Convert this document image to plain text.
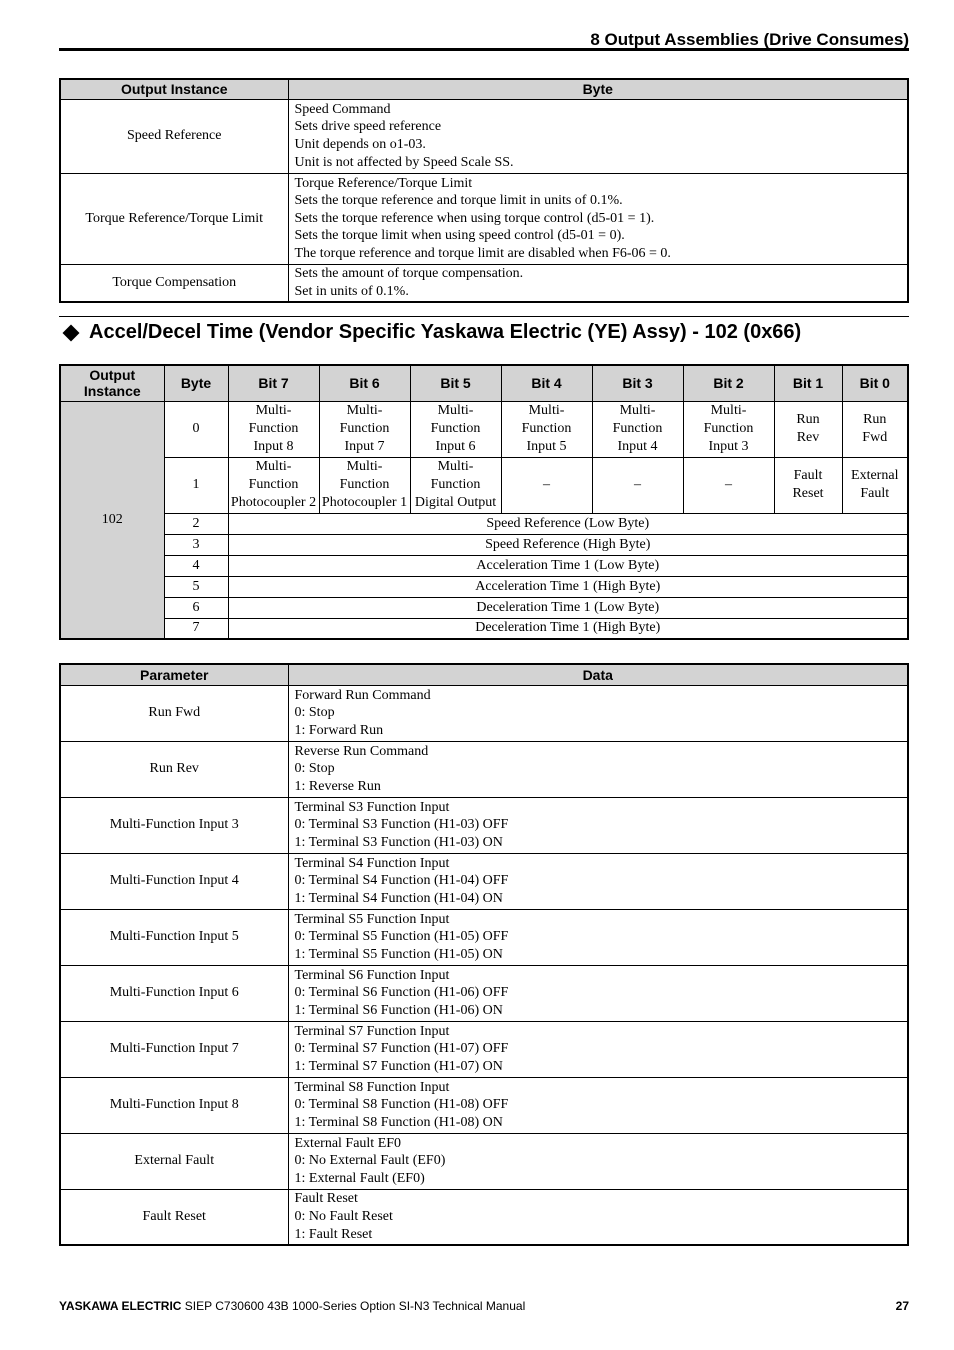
8 Output Assemblies (Drive Consumes)
Output Instance	Byte
Speed Reference	Speed Command
Sets drive speed reference
Unit depends on o1-03.
Unit is not affected by Speed Scale SS.

Torque Reference/Torque Limit	Torque Reference/Torque Limit
Sets the torque reference and torque limit in units of 0.1%.
Sets the torque reference when using torque control (d5-01 = 1).
Sets the torque limit when using speed control (d5-01 = 0).
The torque reference and torque limit are disabled when F6-06 = 0.

Torque Compensation	Sets the amount of torque compensation.
Set in units of 0.1%.
Accel/Decel Time (Vendor Specific Yaskawa Electric (YE) Assy) - 102 (0x66)
Output Instance	Byte	Bit 7	Bit 6	Bit 5	Bit 4	Bit 3	Bit 2	Bit 1	Bit 0
102	0	Multi-
Function
Input 8	Multi-
Function
Input 7	Multi-
Function
Input 6	Multi-
Function
Input 5	Multi-
Function
Input 4	Multi-
Function
Input 3	Run
Rev	Run
Fwd

	1	Multi-
Function
Photocoupler 2	Multi-
Function
Photocoupler 1	Multi-
Function
Digital Output	–	–	–	Fault
Reset	External
Fault

	2	Speed Reference (Low Byte)							
	3	Speed Reference (High Byte)							
	4	Acceleration Time 1 (Low Byte)							
	5	Acceleration Time 1 (High Byte)							
	6	Deceleration Time 1 (Low Byte)							
	7	Deceleration Time 1 (High Byte)							
Parameter	Data
Run Fwd	Forward Run Command
0: Stop
1: Forward Run

Run Rev	Reverse Run Command
0: Stop
1: Reverse Run

Multi-Function Input 3	Terminal S3 Function Input
0: Terminal S3 Function (H1-03) OFF
1: Terminal S3 Function (H1-03) ON

Multi-Function Input 4	Terminal S4 Function Input
0: Terminal S4 Function (H1-04) OFF
1: Terminal S4 Function (H1-04) ON

Multi-Function Input 5	Terminal S5 Function Input
0: Terminal S5 Function (H1-05) OFF
1: Terminal S5 Function (H1-05) ON

Multi-Function Input 6	Terminal S6 Function Input
0: Terminal S6 Function (H1-06) OFF
1: Terminal S6 Function (H1-06) ON

Multi-Function Input 7	Terminal S7 Function Input
0: Terminal S7 Function (H1-07) OFF
1: Terminal S7 Function (H1-07) ON

Multi-Function Input 8	Terminal S8 Function Input
0: Terminal S8 Function (H1-08) OFF
1: Terminal S8 Function (H1-08) ON

External Fault	External Fault EF0
0: No External Fault (EF0)
1: External Fault (EF0)

Fault Reset	Fault Reset
0: No Fault Reset
1: Fault Reset
YASKAWA ELECTRIC SIEP C730600 43B 1000-Series Option SI-N3 Technical Manual	27
